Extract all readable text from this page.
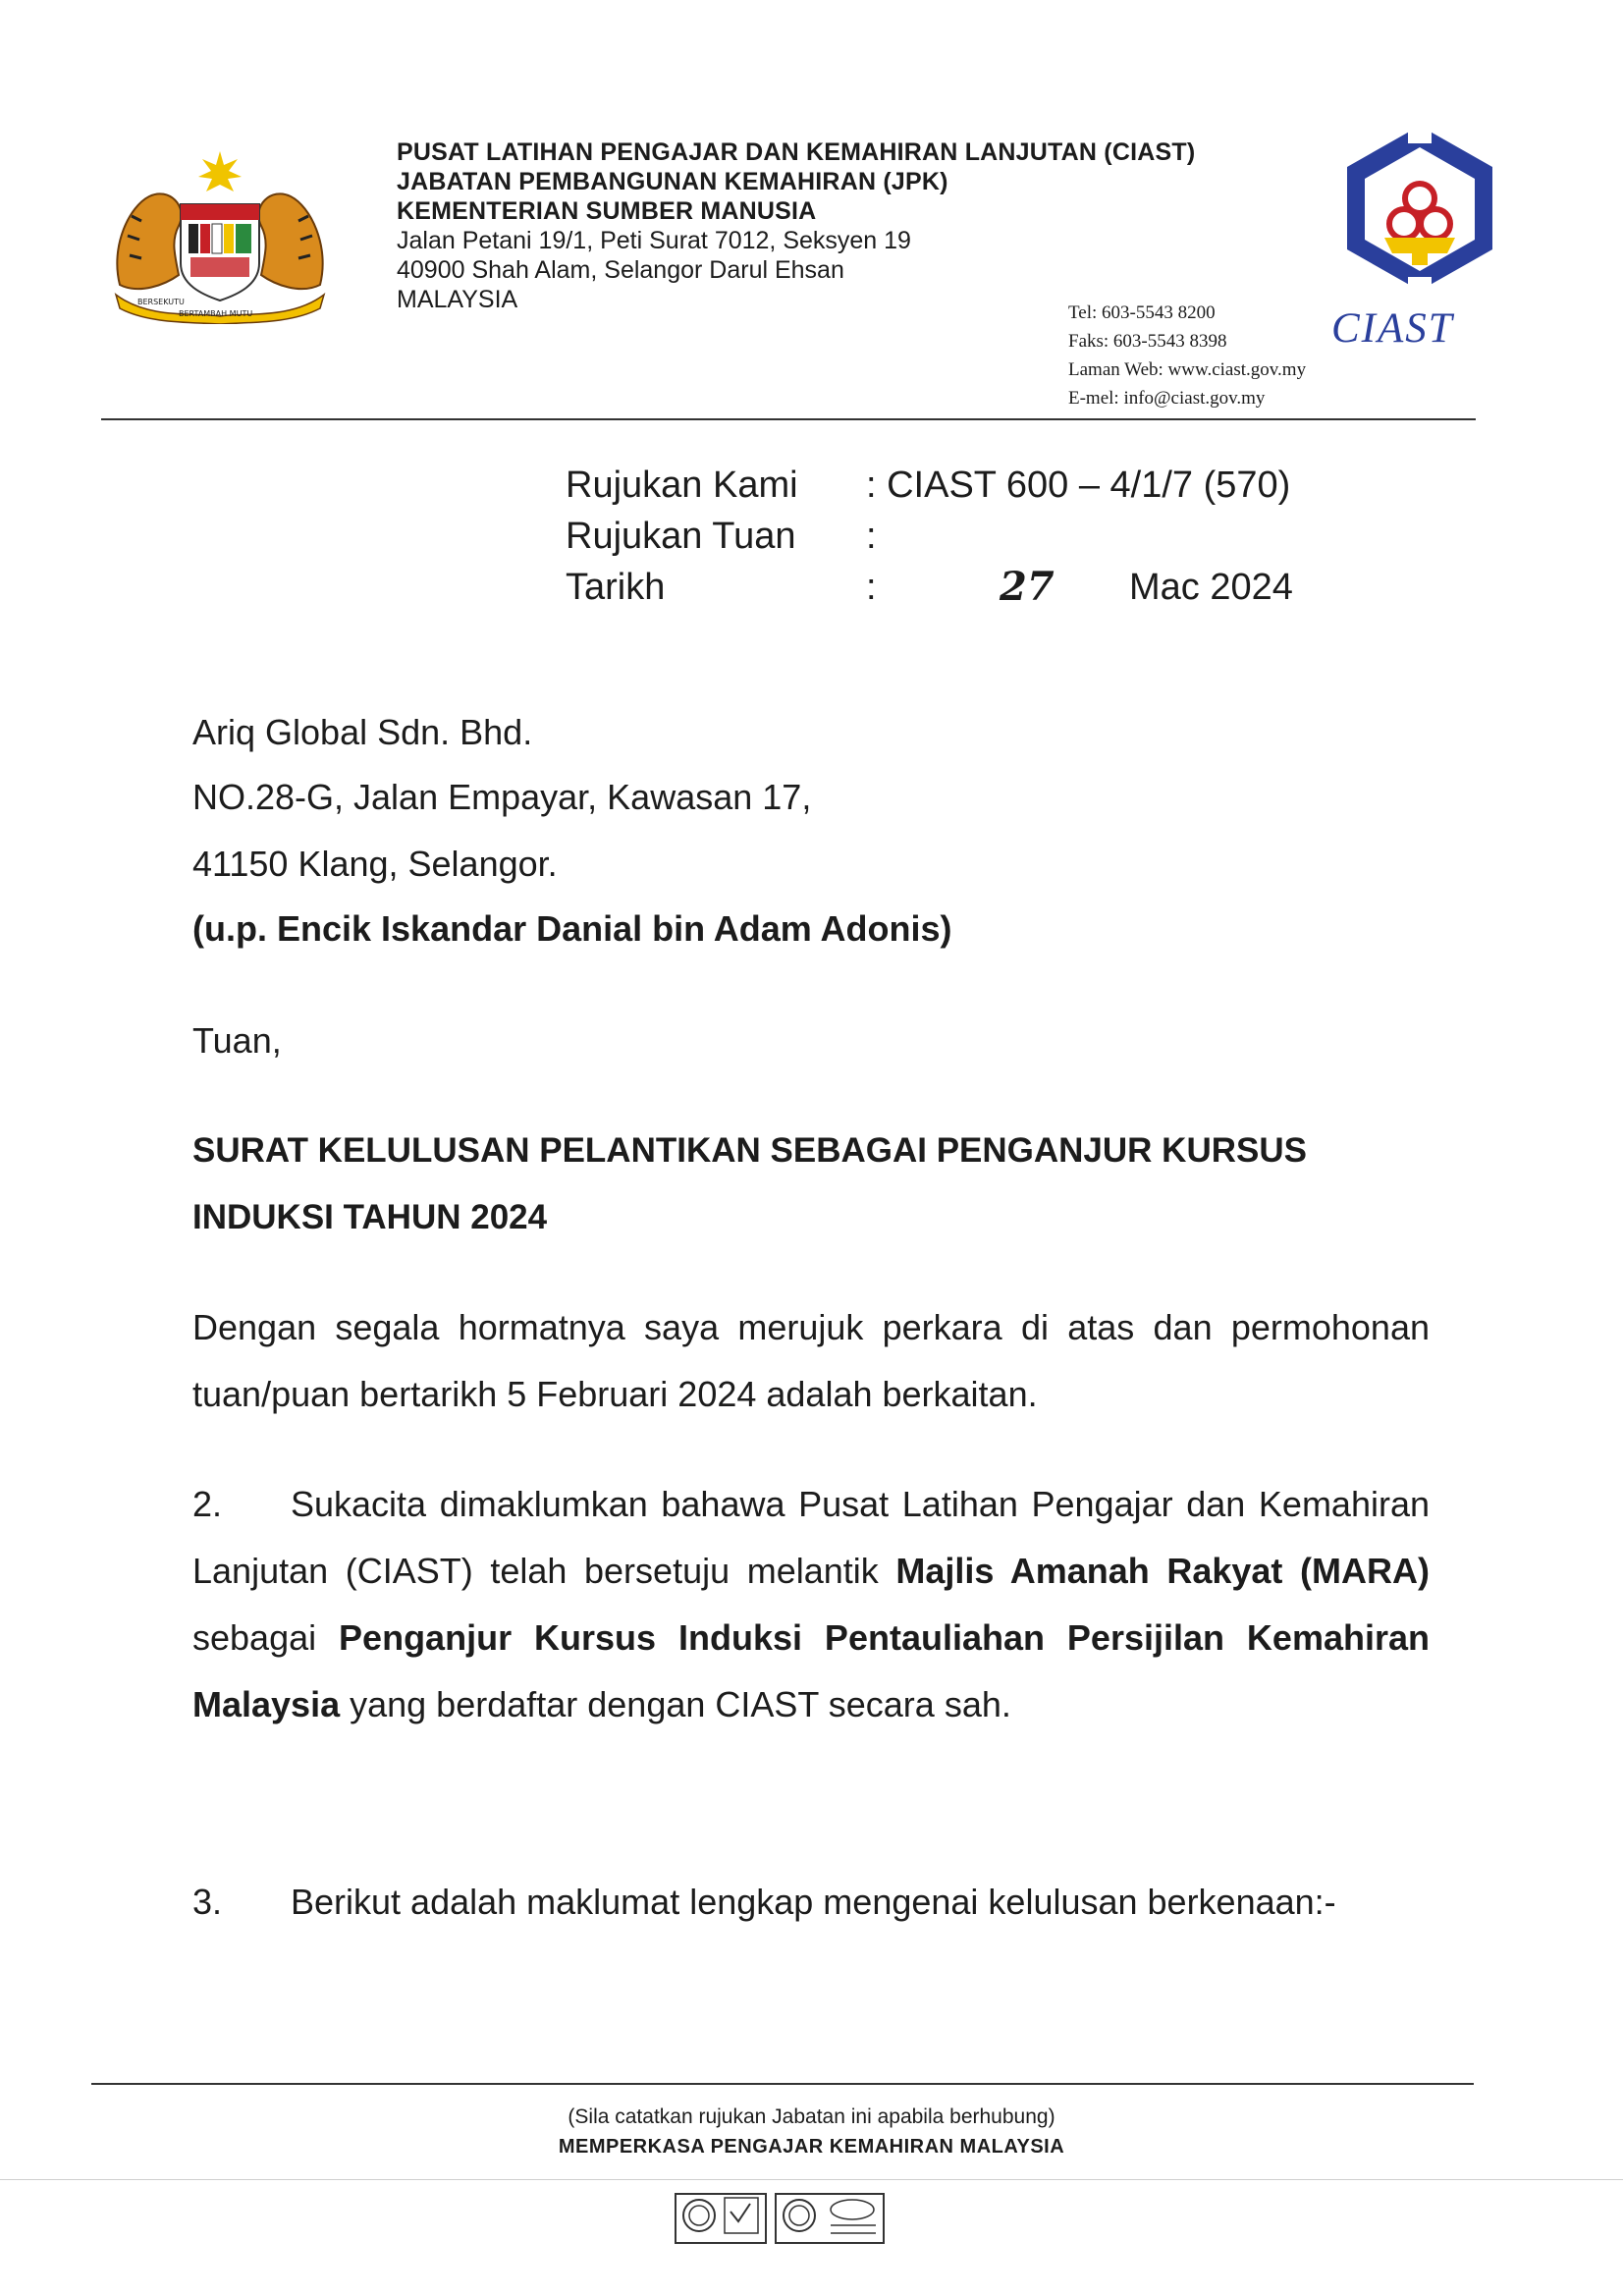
BERSEKUTU
BERTAMBAH MUTU
PUSAT LATIHAN PENGAJAR DAN KEMAHIRAN LANJUTAN (CIAST)
JABATAN PEMBANGUNAN KEMAHIRAN (JPK)
KEMENTERIAN SUMBER MANUSIA
Jalan Petani 19/1, Peti Surat 7012, Seksyen 19
40900 Shah Alam, Selangor Darul Ehsan
MALAYSIA
CIAST
Tel: 603-5543 8200
Faks: 603-5543 8398
Laman Web: www.ciast.gov.my
E-mel: info@ciast.gov.my
Rujukan Kami : CIAST 600 – 4/1/7 (570)
Rujukan Tuan :
Tarikh	:	27 Mac 2024
Ariq Global Sdn. Bhd.
NO.28-G, Jalan Empayar, Kawasan 17,
41150 Klang, Selangor.
(u.p. Encik Iskandar Danial bin Adam Adonis)
Tuan,
SURAT KELULUSAN PELANTIKAN SEBAGAI PENGANJUR KURSUS INDUKSI TAHUN 2024
Dengan segala hormatnya saya merujuk perkara di atas dan permohonan tuan/puan bertarikh 5 Februari 2024 adalah berkaitan.
2. Sukacita dimaklumkan bahawa Pusat Latihan Pengajar dan Kemahiran Lanjutan (CIAST) telah bersetuju melantik Majlis Amanah Rakyat (MARA) sebagai Penganjur Kursus Induksi Pentauliahan Persijilan Kemahiran Malaysia yang berdaftar dengan CIAST secara sah.
3. Berikut adalah maklumat lengkap mengenai kelulusan berkenaan:-
(Sila catatkan rujukan Jabatan ini apabila berhubung)
MEMPERKASA PENGAJAR KEMAHIRAN MALAYSIA
